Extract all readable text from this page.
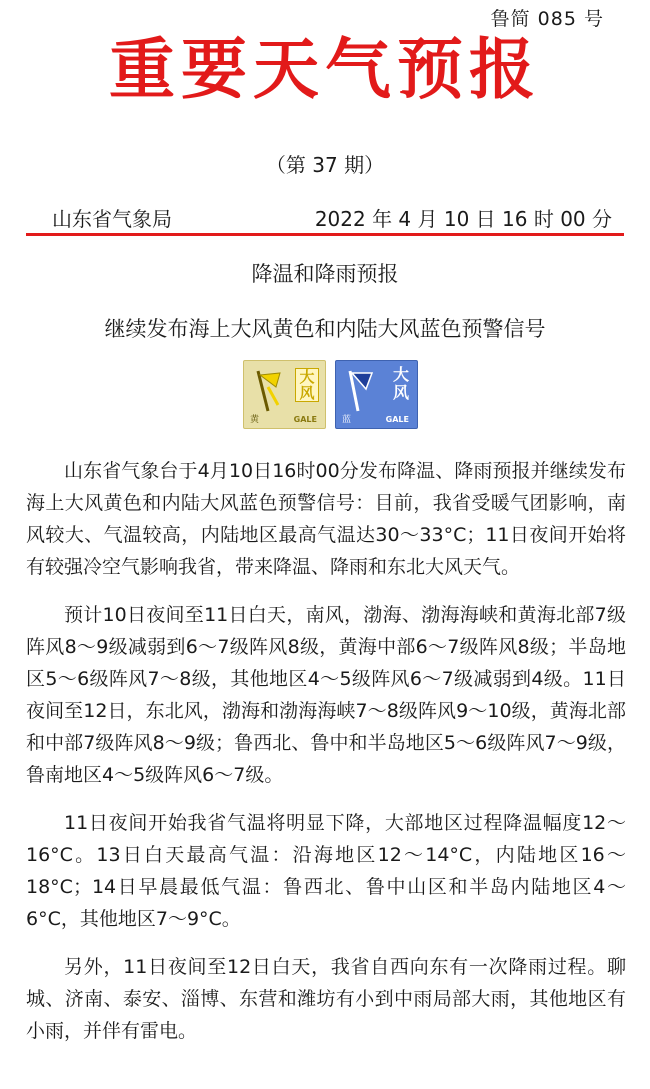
鲁简 085 号
重要天气预报
（第 37 期）
山东省气象局	2022 年 4 月 10 日 16 时 00 分
降温和降雨预报
继续发布海上大风黄色和内陆大风蓝色预警信号
大风
黄	GALE
大风
蓝	GALE

山东省气象台于4月10日16时00分发布降温、降雨预报并继续发布海上大风黄色和内陆大风蓝色预警信号：目前，我省受暖气团影响，南风较大、气温较高，内陆地区最高气温达30～33°C；11日夜间开始将有较强冷空气影响我省，带来降温、降雨和东北大风天气。

预计10日夜间至11日白天，南风，渤海、渤海海峡和黄海北部7级阵风8～9级减弱到6～7级阵风8级，黄海中部6～7级阵风8级；半岛地区5～6级阵风7～8级，其他地区4～5级阵风6～7级减弱到4级。11日夜间至12日，东北风，渤海和渤海海峡7～8级阵风9～10级，黄海北部和中部7级阵风8～9级；鲁西北、鲁中和半岛地区5～6级阵风7～9级，鲁南地区4～5级阵风6～7级。

11日夜间开始我省气温将明显下降，大部地区过程降温幅度12～16°C。13日白天最高气温：沿海地区12～14°C，内陆地区16～18°C；14日早晨最低气温：鲁西北、鲁中山区和半岛内陆地区4～6°C，其他地区7～9°C。

另外，11日夜间至12日白天，我省自西向东有一次降雨过程。聊城、济南、泰安、淄博、东营和潍坊有小到中雨局部大雨，其他地区有小雨，并伴有雷电。
